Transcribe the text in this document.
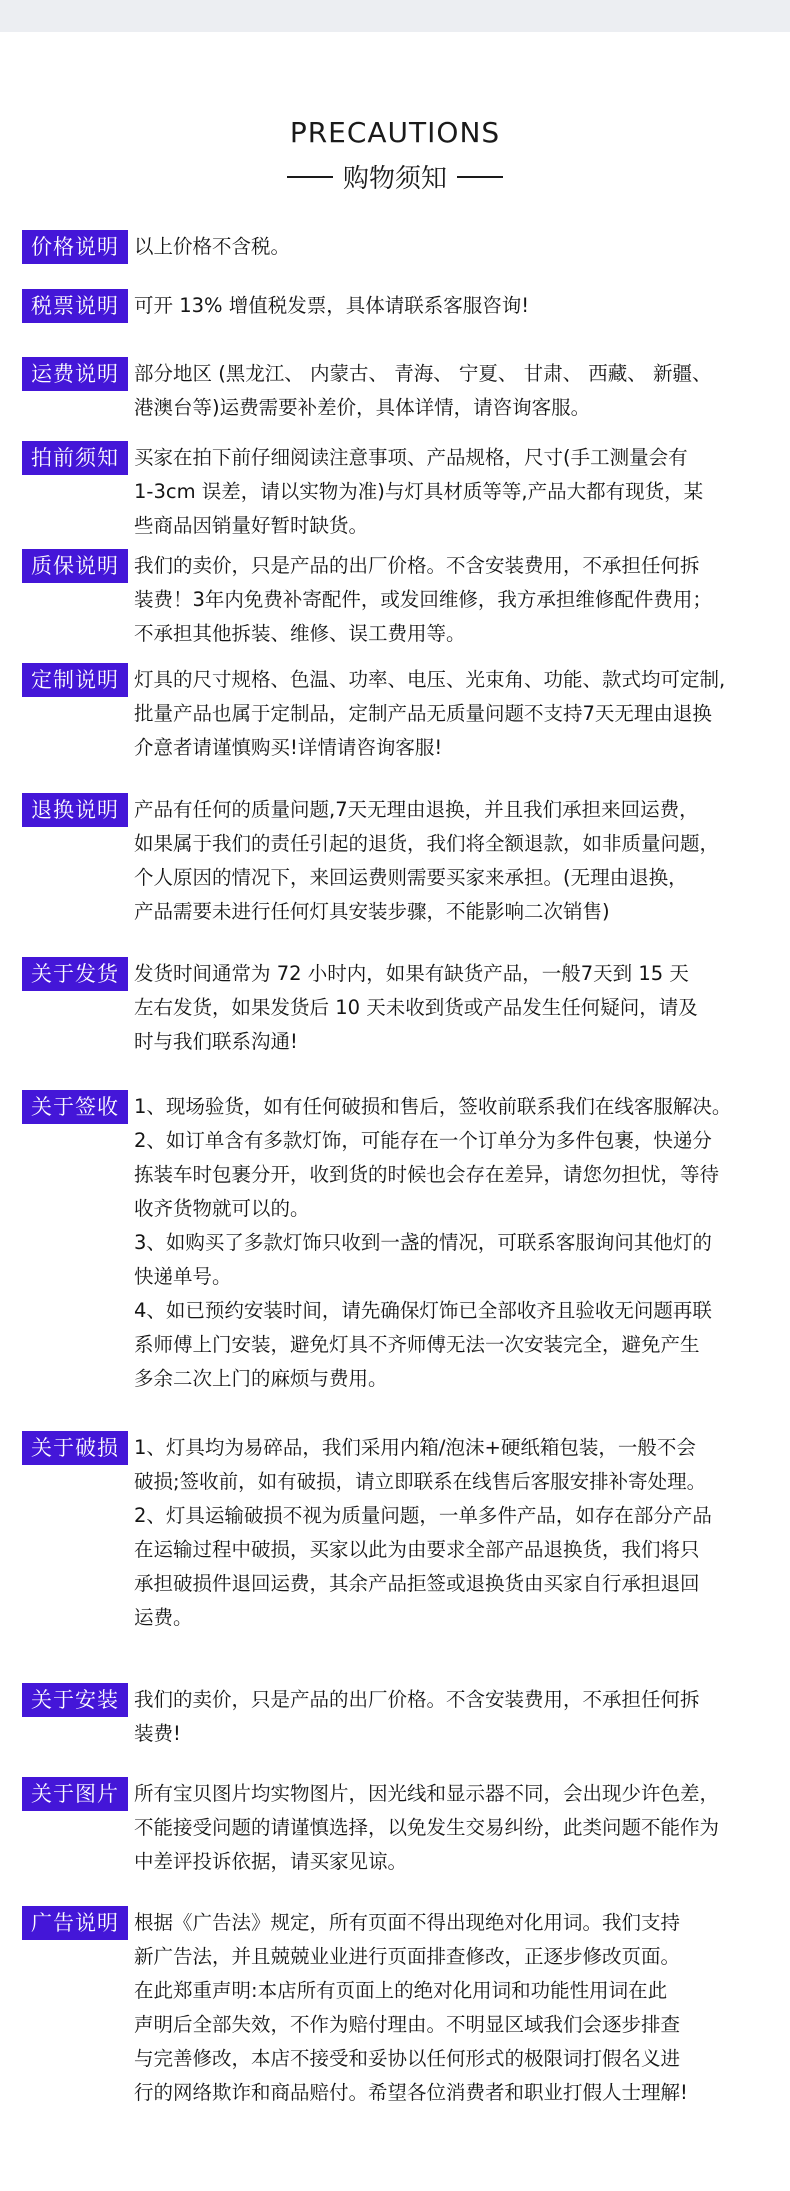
PRECAUTIONS
购物须知
价格说明 以上价格不含税。
税票说明 可开 13% 增值税发票，具体请联系客服咨询!
运费说明 部分地区 (黑龙江、 内蒙古、 青海、 宁夏、 甘肃、 西藏、 新疆、
港澳台等)运费需要补差价，具体详情，请咨询客服。
拍前须知 买家在拍下前仔细阅读注意事项、产品规格，尺寸(手工测量会有
1-3cm 误差，请以实物为准)与灯具材质等等,产品大都有现货，某
些商品因销量好暂时缺货。
质保说明 我们的卖价，只是产品的出厂价格。不含安装费用，不承担任何拆
装费！3年内免费补寄配件，或发回维修，我方承担维修配件费用；
不承担其他拆装、维修、误工费用等。
定制说明 灯具的尺寸规格、色温、功率、电压、光束角、功能、款式均可定制,
批量产品也属于定制品，定制产品无质量问题不支持7天无理由退换
介意者请谨慎购买!详情请咨询客服!
退换说明 产品有任何的质量问题,7天无理由退换，并且我们承担来回运费，
如果属于我们的责任引起的退货，我们将全额退款，如非质量问题，
个人原因的情况下，来回运费则需要买家来承担。(无理由退换，
产品需要未进行任何灯具安装步骤，不能影响二次销售)
关于发货 发货时间通常为 72 小时内，如果有缺货产品，一般7天到 15 天
左右发货，如果发货后 10 天未收到货或产品发生任何疑问，请及
时与我们联系沟通!
关于签收 1、现场验货，如有任何破损和售后，签收前联系我们在线客服解决。
2、如订单含有多款灯饰，可能存在一个订单分为多件包裹，快递分
拣装车时包裹分开，收到货的时候也会存在差异，请您勿担忧，等待
收齐货物就可以的。
3、如购买了多款灯饰只收到一盏的情况，可联系客服询问其他灯的
快递单号。
4、如已预约安装时间，请先确保灯饰已全部收齐且验收无问题再联
系师傅上门安装，避免灯具不齐师傅无法一次安装完全，避免产生
多余二次上门的麻烦与费用。
关于破损 1、灯具均为易碎品，我们采用内箱/泡沫+硬纸箱包装，一般不会
破损;签收前，如有破损，请立即联系在线售后客服安排补寄处理。
2、灯具运输破损不视为质量问题，一单多件产品，如存在部分产品
在运输过程中破损，买家以此为由要求全部产品退换货，我们将只
承担破损件退回运费，其余产品拒签或退换货由买家自行承担退回
运费。
关于安装 我们的卖价，只是产品的出厂价格。不含安装费用，不承担任何拆
装费!
关于图片 所有宝贝图片均实物图片，因光线和显示器不同，会出现少许色差，
不能接受问题的请谨慎选择，以免发生交易纠纷，此类问题不能作为
中差评投诉依据，请买家见谅。
广告说明 根据《广告法》规定，所有页面不得出现绝对化用词。我们支持
新广告法，并且兢兢业业进行页面排查修改，正逐步修改页面。
在此郑重声明:本店所有页面上的绝对化用词和功能性用词在此
声明后全部失效，不作为赔付理由。不明显区域我们会逐步排查
与完善修改，本店不接受和妥协以任何形式的极限词打假名义进
行的网络欺诈和商品赔付。希望各位消费者和职业打假人士理解!
